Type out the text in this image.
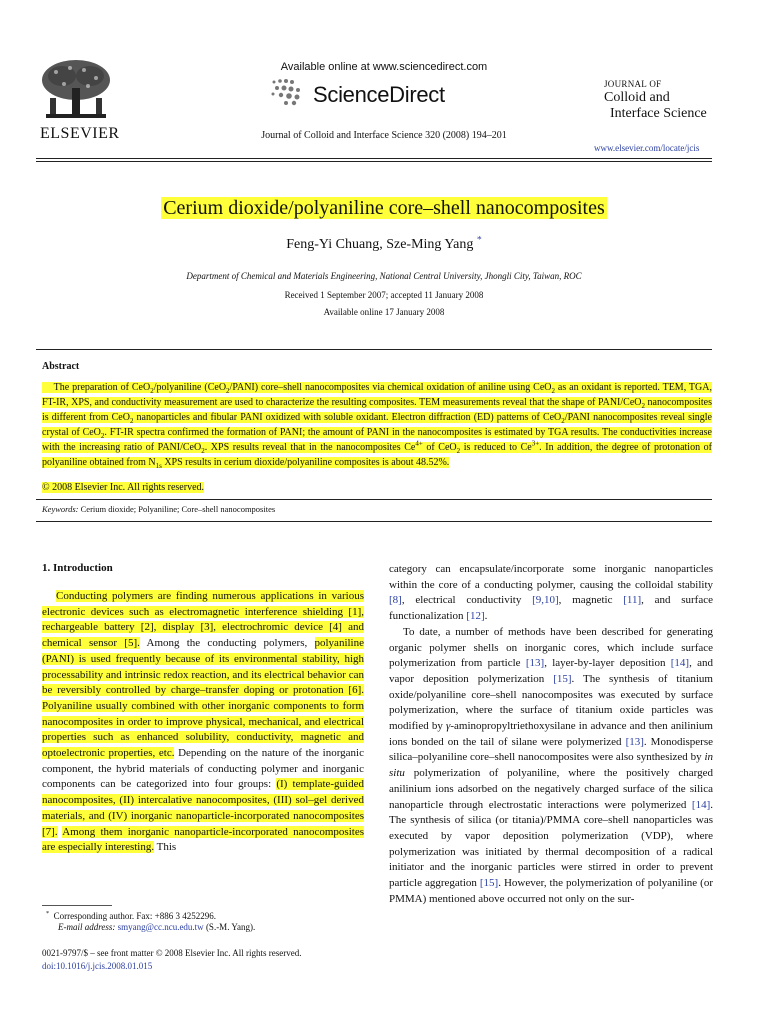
ELSEVIER
Available online at www.sciencedirect.com
ScienceDirect
Journal of Colloid and Interface Science 320 (2008) 194–201
JOURNAL OF
Colloid and
Interface Science
www.elsevier.com/locate/jcis
Cerium dioxide/polyaniline core–shell nanocomposites
Feng-Yi Chuang, Sze-Ming Yang *
Department of Chemical and Materials Engineering, National Central University, Jhongli City, Taiwan, ROC
Received 1 September 2007; accepted 11 January 2008
Available online 17 January 2008
Abstract
The preparation of CeO$_2$/polyaniline (CeO$_2$/PANI) core–shell nanocomposites via chemical oxidation of aniline using CeO$_2$ as an oxidant is reported. TEM, TGA, FT-IR, XPS, and conductivity measurement are used to characterize the resulting composites. TEM measurements reveal that the shape of PANI/CeO$_2$ nanocomposites is different from CeO$_2$ nanoparticles and fibular PANI oxidized with soluble oxidant. Electron diffraction (ED) patterns of CeO$_2$/PANI nanocomposites reveal single crystal of CeO$_2$. FT-IR spectra confirmed the formation of PANI; the amount of PANI in the nanocomposites is estimated by TGA results. The conductivities increase with the increasing ratio of PANI/CeO$_2$. XPS results reveal that in the nanocomposites $Ce^{4+}$ of CeO$_2$ is reduced to $Ce^{3+}$. In addition, the degree of protonation of polyaniline obtained from $N_{1s}$ XPS results in cerium dioxide/polyaniline composites is about 48.52%.
© 2008 Elsevier Inc. All rights reserved.
Keywords: Cerium dioxide; Polyaniline; Core–shell nanocomposites
1. Introduction
Conducting polymers are finding numerous applications in various electronic devices such as electromagnetic interference shielding [1], rechargeable battery [2], display [3], electrochromic device [4] and chemical sensor [5]. Among the conducting polymers, polyaniline (PANI) is used frequently because of its environmental stability, high processability and intrinsic redox reaction, and its electrical behavior can be reversibly controlled by charge–transfer doping or protonation [6]. Polyaniline usually combined with other inorganic components to form nanocomposites in order to improve physical, mechanical, and electrical properties such as enhanced solubility, conductivity, magnetic and optoelectronic properties, etc. Depending on the nature of the inorganic component, the hybrid materials of conducting polymer and inorganic components can be categorized into four groups: (I) template-guided nanocomposites, (II) intercalative nanocomposites, (III) sol–gel derived materials, and (IV) inorganic nanoparticle-incorporated nanocomposites [7]. Among them inorganic nanoparticle-incorporated nanocomposites are especially interesting. This

category can encapsulate/incorporate some inorganic nanoparticles within the core of a conducting polymer, causing the colloidal stability [8], electrical conductivity [9,10], magnetic [11], and surface functionalization [12].

To date, a number of methods have been described for generating organic polymer shells on inorganic cores, which include surface polymerization from particle [13], layer-by-layer deposition [14], and vapor deposition polymerization [15]. The synthesis of titanium oxide/polyaniline core–shell nanocomposites was executed by surface polymerization, where the surface of titanium oxide particles was modified by γ-aminopropyltriethoxysilane in advance and then anilinium ions bonded on the tail of silane were polymerized [13]. Monodisperse silica–polyaniline core–shell nanocomposites were also synthesized by in situ polymerization of polyaniline, where the positively charged anilinium ions adsorbed on the negatively charged surface of the silica nanoparticle through electrostatic interactions were polymerized [14]. The synthesis of silica (or titania)/PMMA core–shell nanoparticles was executed by vapor deposition polymerization (VDP), where polymerization was initiated by thermal decomposition of a radical initiator and the inorganic particles were stirred in order to prevent particle aggregation [15]. However, the polymerization of polyaniline (or PMMA) mentioned above occurred not only on the sur-

* Corresponding author. Fax: +886 3 4252296.
E-mail address: smyang@cc.ncu.edu.tw (S.-M. Yang).
0021-9797/$ – see front matter © 2008 Elsevier Inc. All rights reserved.
doi:10.1016/j.jcis.2008.01.015
